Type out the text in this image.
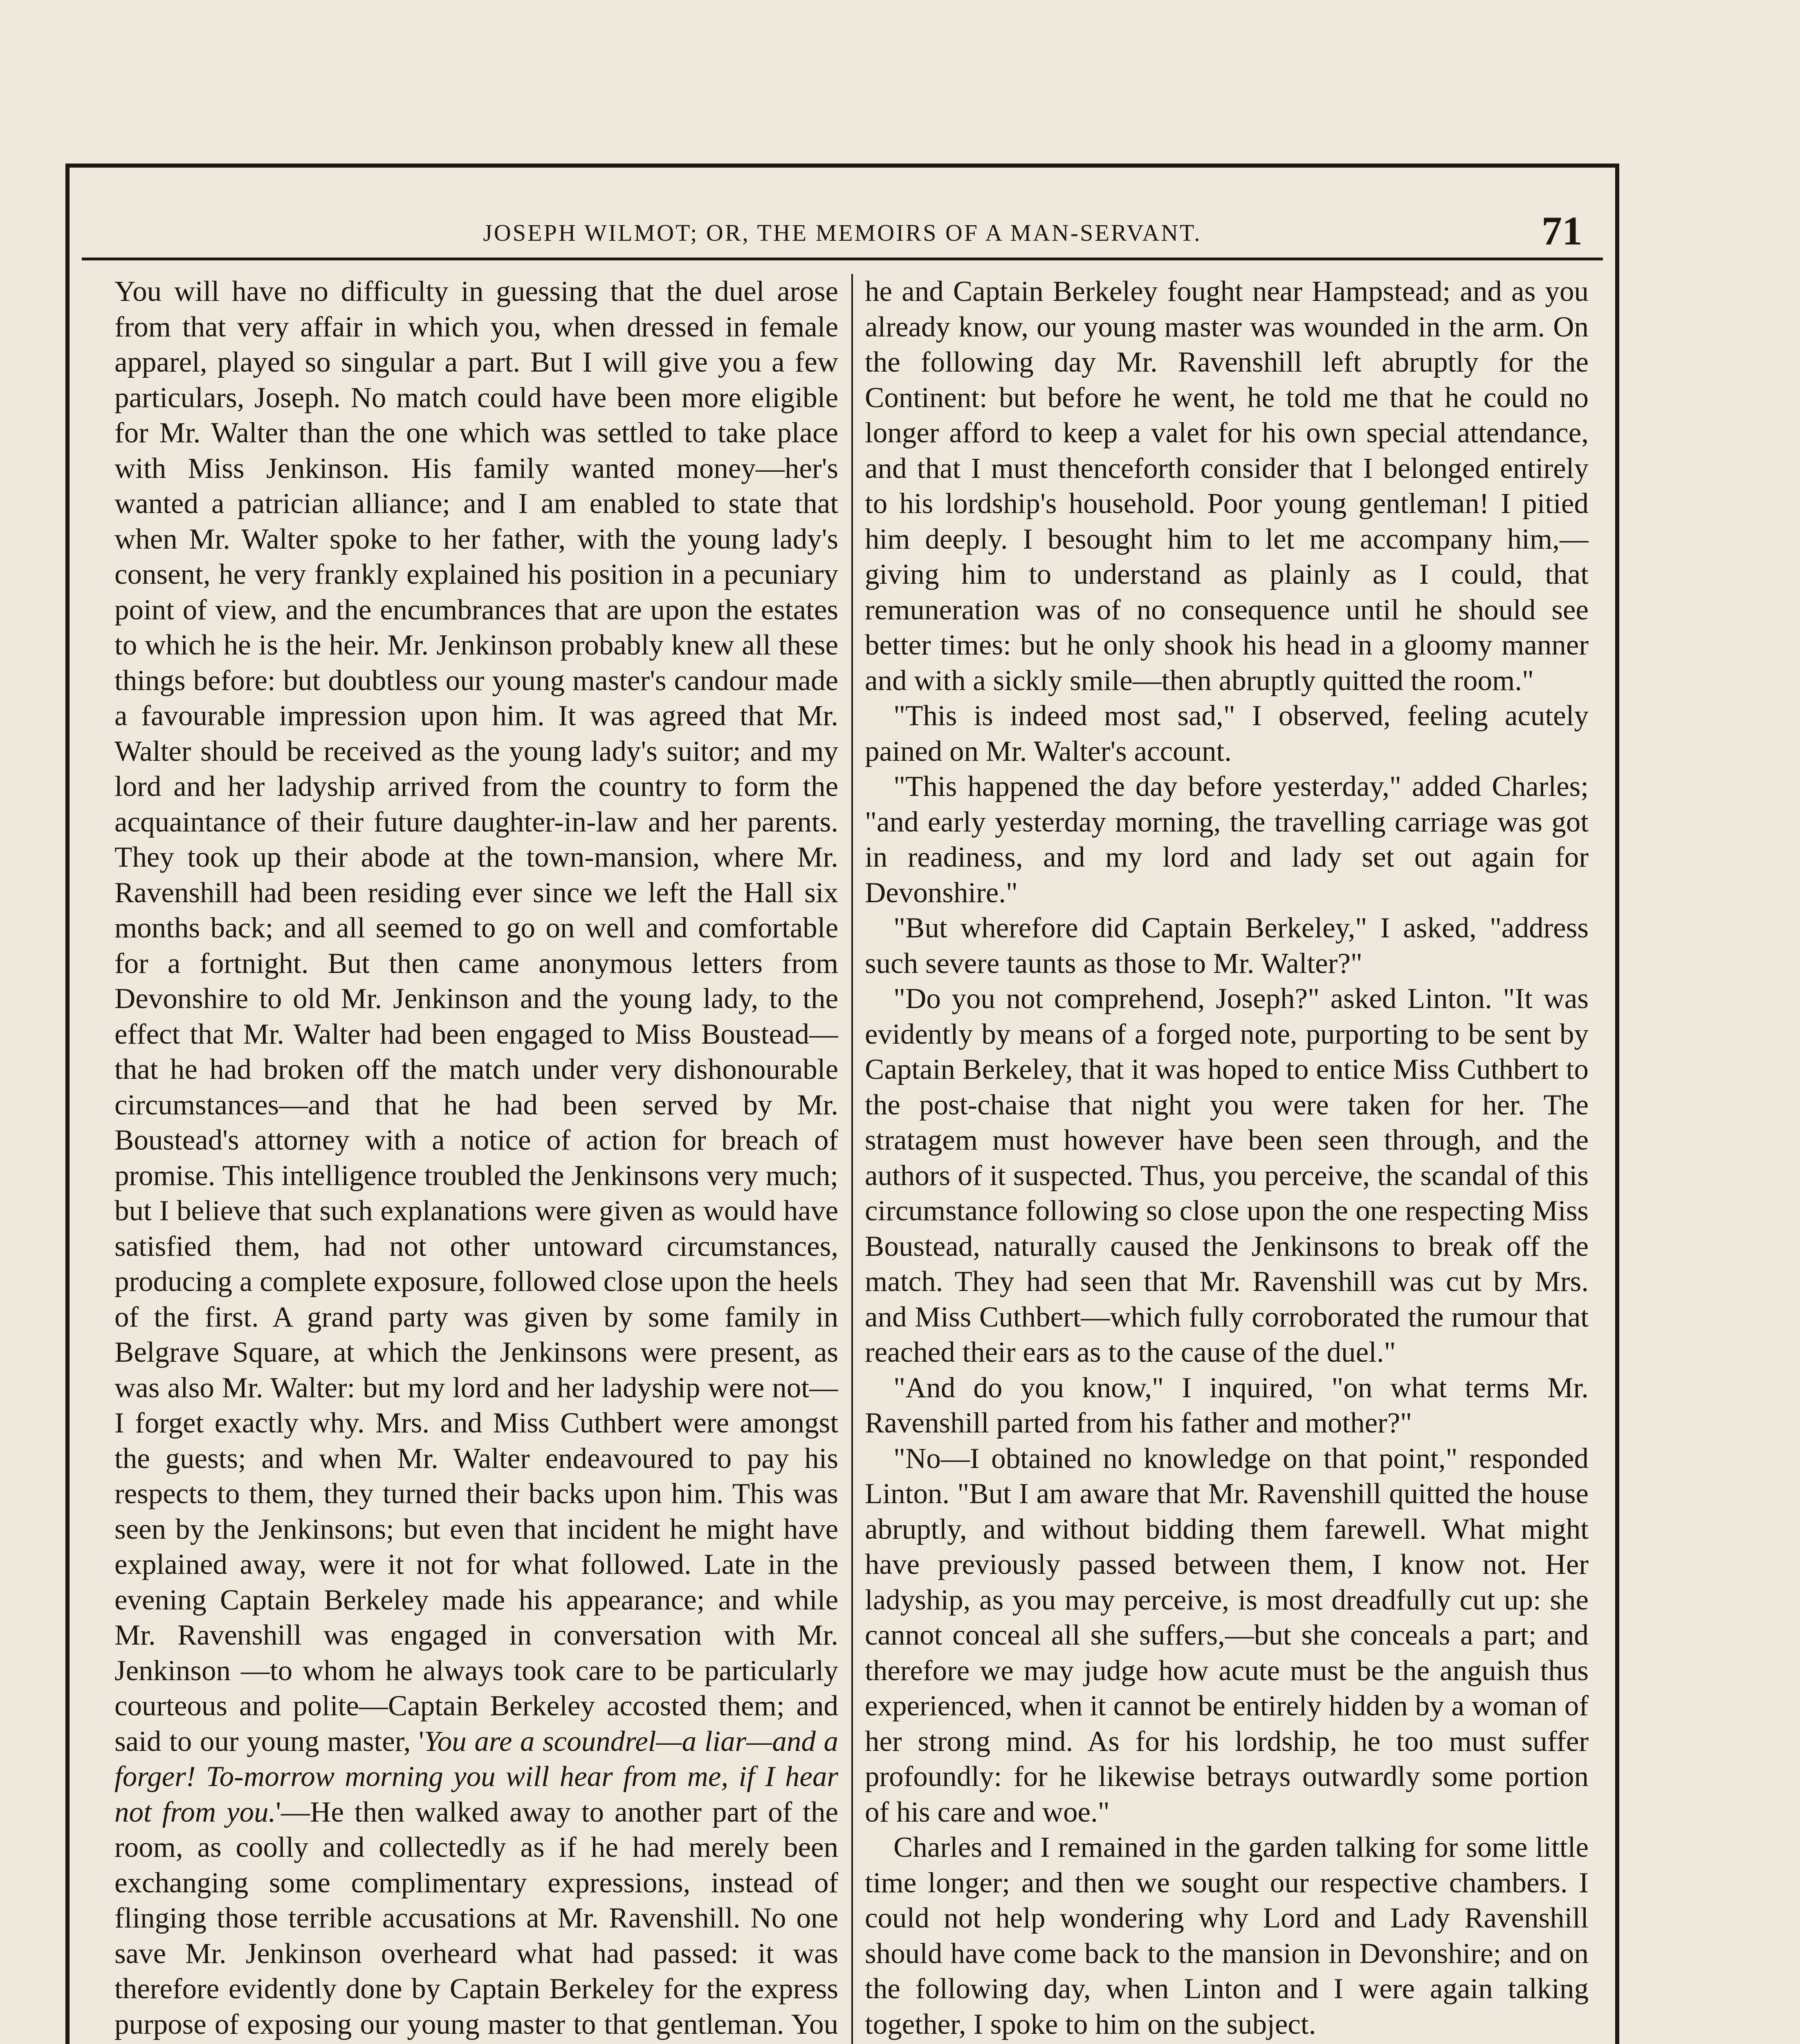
JOSEPH WILMOT; OR, THE MEMOIRS OF A MAN-SERVANT.	71

You will have no difficulty in guessing that the duel arose from that very affair in which you, when dressed in female apparel, played so singular a part. But I will give you a few particulars, Joseph. No match could have been more eligible for Mr. Walter than the one which was settled to take place with Miss Jenkinson. His family wanted money—her's wanted a patrician alliance; and I am enabled to state that when Mr. Walter spoke to her father, with the young lady's consent, he very frankly explained his position in a pecuniary point of view, and the encumbrances that are upon the estates to which he is the heir. Mr. Jenkinson probably knew all these things before: but doubtless our young master's candour made a favourable impression upon him. It was agreed that Mr. Walter should be received as the young lady's suitor; and my lord and her ladyship arrived from the country to form the acquaintance of their future daughter-in-law and her parents. They took up their abode at the town-mansion, where Mr. Ravenshill had been residing ever since we left the Hall six months back; and all seemed to go on well and comfortable for a fortnight. But then came anonymous letters from Devonshire to old Mr. Jenkinson and the young lady, to the effect that Mr. Walter had been engaged to Miss Boustead—that he had broken off the match under very dishonourable circumstances—and that he had been served by Mr. Boustead's attorney with a notice of action for breach of promise. This intelligence troubled the Jenkinsons very much; but I believe that such explanations were given as would have satisfied them, had not other untoward circumstances, producing a complete exposure, followed close upon the heels of the first. A grand party was given by some family in Belgrave Square, at which the Jenkinsons were present, as was also Mr. Walter: but my lord and her ladyship were not—I forget exactly why. Mrs. and Miss Cuthbert were amongst the guests; and when Mr. Walter endeavoured to pay his respects to them, they turned their backs upon him. This was seen by the Jenkinsons; but even that incident he might have explained away, were it not for what followed. Late in the evening Captain Berkeley made his appearance; and while Mr. Ravenshill was engaged in conversation with Mr. Jenkinson —to whom he always took care to be particularly courteous and polite—Captain Berkeley accosted them; and said to our young master, 'You are a scoundrel—a liar—and a forger! To-morrow morning you will hear from me, if I hear not from you.'—He then walked away to another part of the room, as coolly and collectedly as if he had merely been exchanging some complimentary expressions, instead of flinging those terrible accusations at Mr. Ravenshill. No one save Mr. Jenkinson overheard what had passed: it was therefore evidently done by Captain Berkeley for the express purpose of exposing our young master to that gentleman. You

he and Captain Berkeley fought near Hampstead; and as you already know, our young master was wounded in the arm. On the following day Mr. Ravenshill left abruptly for the Continent: but before he went, he told me that he could no longer afford to keep a valet for his own special attendance, and that I must thenceforth consider that I belonged entirely to his lordship's household. Poor young gentleman! I pitied him deeply. I besought him to let me accompany him,—giving him to understand as plainly as I could, that remuneration was of no consequence until he should see better times: but he only shook his head in a gloomy manner and with a sickly smile—then abruptly quitted the room."

"This is indeed most sad," I observed, feeling acutely pained on Mr. Walter's account.

"This happened the day before yesterday," added Charles; "and early yesterday morning, the travelling carriage was got in readiness, and my lord and lady set out again for Devonshire."

"But wherefore did Captain Berkeley," I asked, "address such severe taunts as those to Mr. Walter?"

"Do you not comprehend, Joseph?" asked Linton. "It was evidently by means of a forged note, purporting to be sent by Captain Berkeley, that it was hoped to entice Miss Cuthbert to the post-chaise that night you were taken for her. The stratagem must however have been seen through, and the authors of it suspected. Thus, you perceive, the scandal of this circumstance following so close upon the one respecting Miss Boustead, naturally caused the Jenkinsons to break off the match. They had seen that Mr. Ravenshill was cut by Mrs. and Miss Cuthbert—which fully corroborated the rumour that reached their ears as to the cause of the duel."

"And do you know," I inquired, "on what terms Mr. Ravenshill parted from his father and mother?"

"No—I obtained no knowledge on that point," responded Linton. "But I am aware that Mr. Ravenshill quitted the house abruptly, and without bidding them farewell. What might have previously passed between them, I know not. Her ladyship, as you may perceive, is most dreadfully cut up: she cannot conceal all she suffers,—but she conceals a part; and therefore we may judge how acute must be the anguish thus experienced, when it cannot be entirely hidden by a woman of her strong mind. As for his lordship, he too must suffer profoundly: for he likewise betrays outwardly some portion of his care and woe."

Charles and I remained in the garden talking for some little time longer; and then we sought our respective chambers. I could not help wondering why Lord and Lady Ravenshill should have come back to the mansion in Devonshire; and on the following day, when Linton and I were again talking together, I spoke to him on the subject.
